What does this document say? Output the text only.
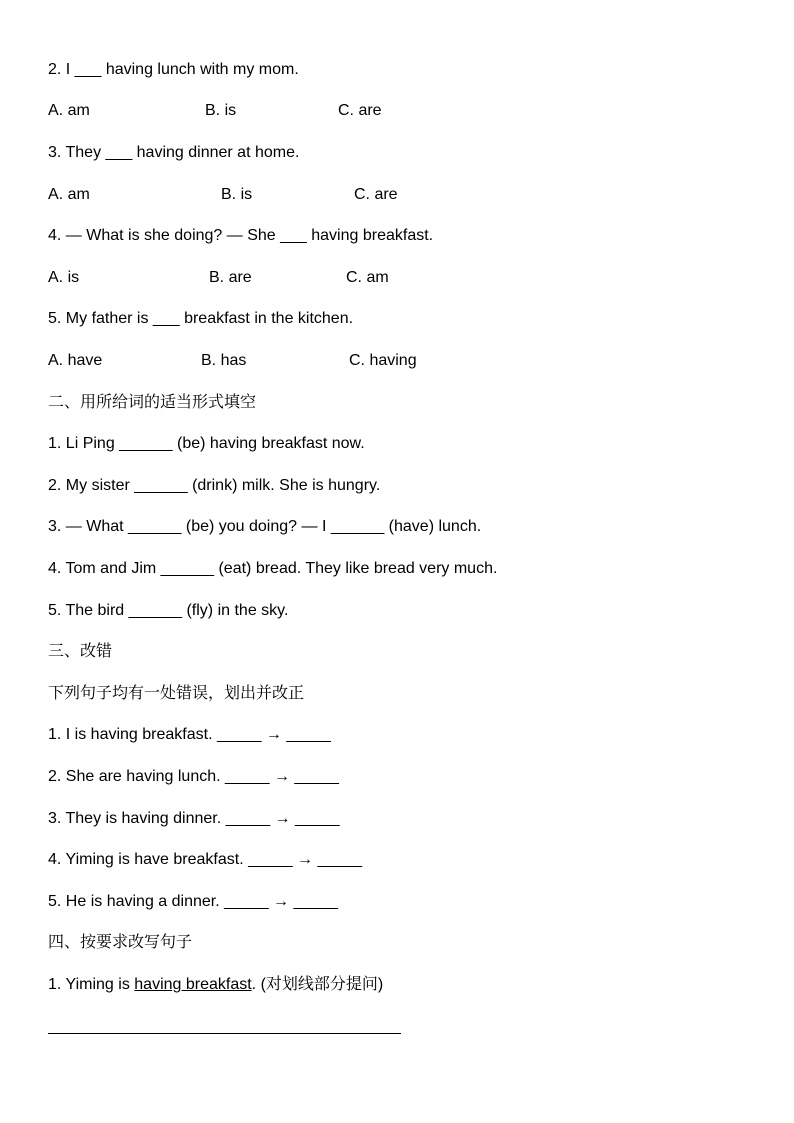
2. I ___ having lunch with my mom.
A. am	B. is	C. are
3. They ___ having dinner at home.
A. am	B. is	C. are
4. — What is she doing? — She ___ having breakfast.
A. is	B. are	C. am
5. My father is ___ breakfast in the kitchen.
A. have	B. has	C. having
二、用所给词的适当形式填空
1. Li Ping ______ (be) having breakfast now.
2. My sister ______ (drink) milk. She is hungry.
3. — What ______ (be) you doing? — I ______ (have) lunch.
4. Tom and Jim ______ (eat) bread. They like bread very much.
5. The bird ______ (fly) in the sky.
三、改错
下列句子均有一处错误，划出并改正
1. I is having breakfast. _____ → _____
2. She are having lunch. _____ → _____
3. They is having dinner. _____ → _____
4. Yiming is have breakfast. _____ → _____
5. He is having a dinner. _____ → _____
四、按要求改写句子
1. Yiming is having breakfast. (对划线部分提问)
